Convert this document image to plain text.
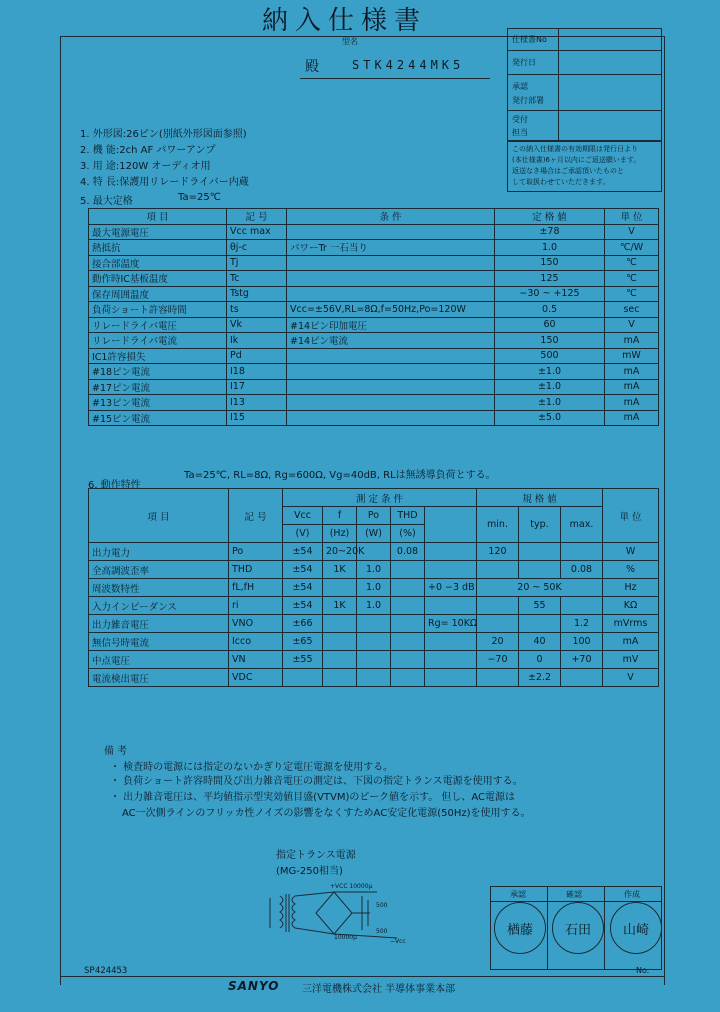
納入仕様書
型名
殿	STK4244MK5
仕様書No
発行日
承認
発行部署
受付
担当
この納入仕様書の有効期限は発行日より
(本仕様書)6ヶ月以内にご返送願います。
返送なき場合はご承認頂いたものと
して取扱わせていただきます。
1. 外形図:26ピン(別紙外形図面参照)
2. 機 能:2ch AF パワーアンプ
3. 用 途:120W オーディオ用
4. 特 長:保護用リレードライバー内蔵
5. 最大定格	Ta=25℃
項 目	記 号	条 件	定 格 値	単 位
最大電源電圧	Vcc max		±78	V
熱抵抗	θj-c	パワーTr 一石当り	1.0	℃/W
接合部温度	Tj		150	℃
動作時IC基板温度	Tc		125	℃
保存周囲温度	Tstg		−30 ~ +125	℃
負荷ショート許容時間	ts	Vcc=±56V,RL=8Ω,f=50Hz,Po=120W	0.5	sec
リレードライバ電圧	Vk	#14ピン印加電圧	60	V
リレードライバ電流	Ik	#14ピン電流	150	mA
IC1許容損失	Pd		500	mW
#18ピン電流	I18		±1.0	mA
#17ピン電流	I17		±1.0	mA
#13ピン電流	I13		±1.0	mA
#15ピン電流	I15		±5.0	mA
6. 動作特性
Ta=25℃, RL=8Ω, Rg=600Ω, Vg=40dB, RLは無誘導負荷とする。
項 目	記 号	測 定 条 件					規 格 値			単 位
		Vcc	f	Po	THD		min.	typ.	max.	
		(V)	(Hz)	(W)	(%)					
出力電力	Po	±54	20~20K		0.08		120			W
全高調波歪率	THD	±54	1K	1.0					0.08	%
周波数特性	fL,fH	±54		1.0		+0 −3 dB	20 ~ 50K			Hz
入力インピーダンス	ri	±54	1K	1.0				55		KΩ
出力雑音電圧	VNO	±66				Rg= 10KΩ			1.2	mVrms
無信号時電流	Icco	±65					20	40	100	mA
中点電圧	VN	±55					−70	0	+70	mV
電流検出電圧	VDC							±2.2		V
備 考
・ 検査時の電源には指定のないかぎり定電圧電源を使用する。
・ 負荷ショート許容時間及び出力雑音電圧の測定は、下図の指定トランス電源を使用する。
・ 出力雑音電圧は、平均値指示型実効値目盛(VTVM)のピーク値を示す。 但し、AC電源は
AC一次側ラインのフリッカ性ノイズの影響をなくすためAC安定化電源(50Hz)を使用する。
指定トランス電源
(MG-250相当)
+VCC 10000μ
10000μ
500
500
−Vcc
承認	確認	作成
楢藤	石田	山崎
SP424453
SANYO 三洋電機株式会社 半導体事業本部
No.
